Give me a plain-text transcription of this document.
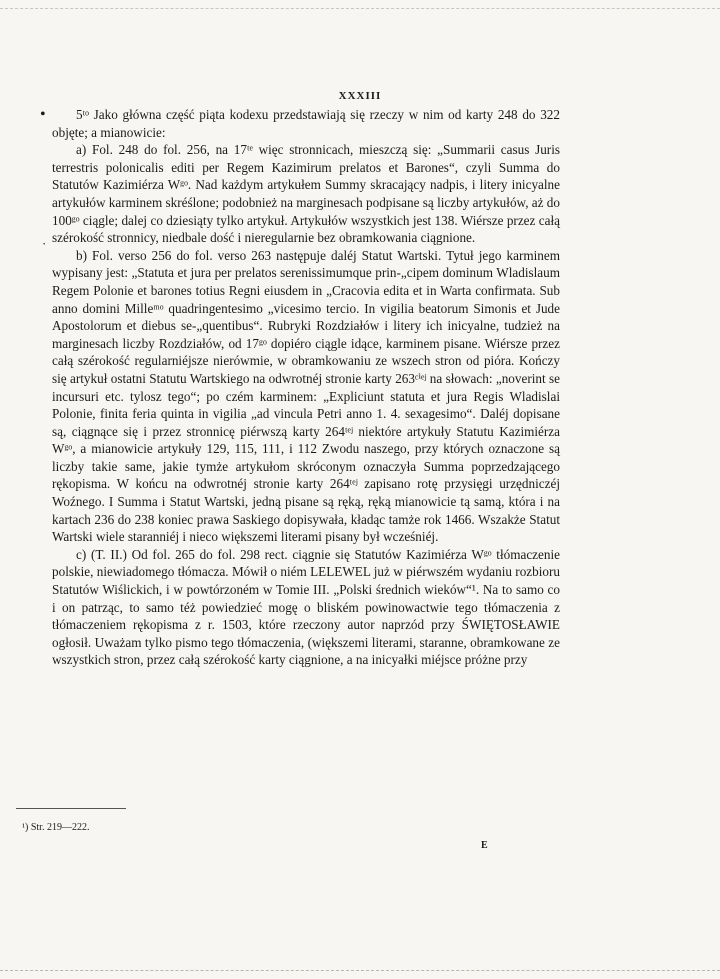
XXXIII
•
·

5ᵗᵒ Jako główna część piąta kodexu przedstawiają się rzeczy w nim od karty 248 do 322 objęte; a mianowicie:

a) Fol. 248 do fol. 256, na 17ᵗᵉ więc stronnicach, mieszczą się: „Summarii casus Juris terrestris polonicalis editi per Regem Kazimirum prelatos et Barones“, czyli Summa do Statutów Kazimiérza Wᵍᵒ. Nad każdym artykułem Summy skracający nadpis, i litery inicyalne artykułów karminem skréślone; podobnież na marginesach podpisane są liczby artykułów, aż do 100ᵍᵒ ciągle; dalej co dziesiąty tylko artykuł. Artykułów wszystkich jest 138. Wiérsze przez całą szérokość stronnicy, niedbale dość i nieregularnie bez obramkowania ciągnione.

b) Fol. verso 256 do fol. verso 263 następuje daléj Statut Wartski. Tytuł jego karminem wypisany jest: „Statuta et jura per prelatos serenissimumque prin-„cipem dominum Wladislaum Regem Polonie et barones totius Regni eiusdem in „Cracovia edita et in Warta confirmata. Sub anno domini Milleᵐᵒ quadringentesimo „vicesimo tercio. In vigilia beatorum Simonis et Jude Apostolorum et diebus se-„quentibus“. Rubryki Rozdziałów i litery ich inicyalne, tudzież na marginesach liczby Rozdziałów, od 17ᵍᵒ dopiéro ciągle idące, karminem pisane. Wiérsze przez całą szérokość regularniéjsze nierówmie, w obramkowaniu ze wszech stron od pióra. Kończy się artykuł ostatni Statutu Wartskiego na odwrotnéj stronie karty 263ᶜⁱᵉʲ na słowach: „noverint se incursuri etc. tylosz tego“; po czém karminem: „Expliciunt statuta et jura Regis Wladislai Polonie, finita feria quinta in vigilia „ad vincula Petri anno 1. 4. sexagesimo“. Daléj dopisane są, ciągnące się i przez stronnicę piérwszą karty 264ᵗᵉʲ niektóre artykuły Statutu Kazimiérza Wᵍᵒ, a mianowicie artykuły 129, 115, 111, i 112 Zwodu naszego, przy których oznaczone są liczby takie same, jakie tymże artykułom skróconym oznaczyła Summa poprzedzającego rękopisma. W końcu na odwrotnéj stronie karty 264ᵗᵉʲ zapisano rotę przysięgi urzędniczéj Woźnego. I Summa i Statut Wartski, jedną pisane są ręką, ręką mianowicie tą samą, która i na kartach 236 do 238 koniec prawa Saskiego dopisywała, kładąc tamże rok 1466. Wszakże Statut Wartski wiele staranniéj i nieco większemi literami pisany był wcześniéj.

c) (T. II.) Od fol. 265 do fol. 298 rect. ciągnie się Statutów Kazimiérza Wᵍᵒ tłómaczenie polskie, niewiadomego tłómacza. Mówił o niém LELEWEL już w piérwszém wydaniu rozbioru Statutów Wiślickich, i w powtórzoném w Tomie III. „Polski średnich wieków“¹. Na to samo co i on patrząc, to samo téż powiedzieć mogę o bliském powinowactwie tego tłómaczenia z tłómaczeniem rękopisma z r. 1503, które rzeczony autor naprzód przy ŚWIĘTOSŁAWIE ogłosił. Uważam tylko pismo tego tłómaczenia, (większemi literami, staranne, obramkowane ze wszystkich stron, przez całą szérokość karty ciągnione, a na inicyałki miéjsce próżne przy

¹) Str. 219—222.
E
